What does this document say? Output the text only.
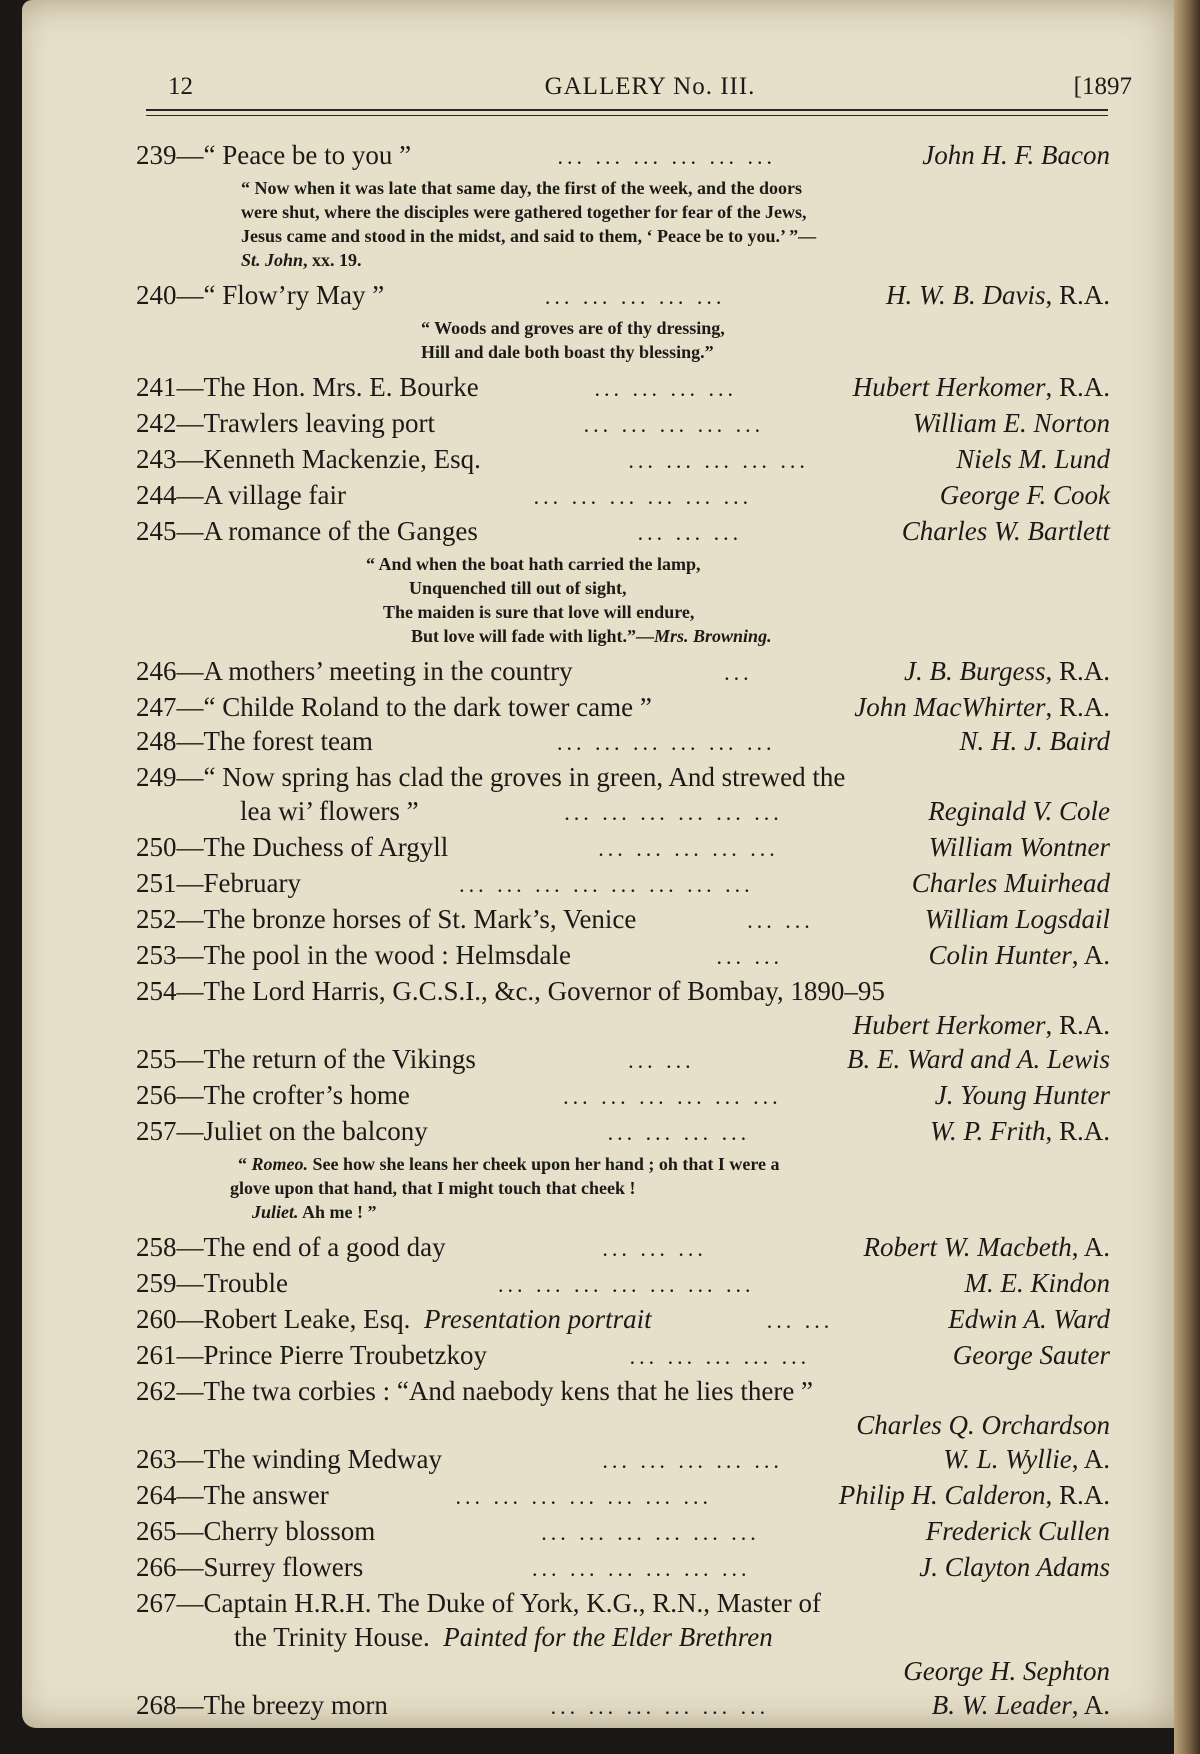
12	GALLERY No. III.	[1897
239—“ Peace be to you ”	... ... ... ... ... ...	John H. F. Bacon
“ Now when it was late that same day, the first of the week, and the doors
were shut, where the disciples were gathered together for fear of the Jews,
Jesus came and stood in the midst, and said to them, ‘ Peace be to you.’ ”—
St. John, xx. 19.
240—“ Flow’ry May ”	... ... ... ... ...	H. W. B. Davis, R.A.
“ Woods and groves are of thy dressing,
Hill and dale both boast thy blessing.”
241—The Hon. Mrs. E. Bourke	... ... ... ...	Hubert Herkomer, R.A.
242—Trawlers leaving port	... ... ... ... ...	William E. Norton
243—Kenneth Mackenzie, Esq.	... ... ... ... ...	Niels M. Lund
244—A village fair	... ... ... ... ... ...	George F. Cook
245—A romance of the Ganges	... ... ...	Charles W. Bartlett
“ And when the boat hath carried the lamp,
Unquenched till out of sight,
The maiden is sure that love will endure,
But love will fade with light.”—Mrs. Browning.
246—A mothers’ meeting in the country	...	J. B. Burgess, R.A.
247—“ Childe Roland to the dark tower came ”	John MacWhirter, R.A.
248—The forest team	... ... ... ... ... ...	N. H. J. Baird
249—“ Now spring has clad the groves in green, And strewed the
lea wi’ flowers ”	... ... ... ... ... ...	Reginald V. Cole
250—The Duchess of Argyll	... ... ... ... ...	William Wontner
251—February	... ... ... ... ... ... ... ...	Charles Muirhead
252—The bronze horses of St. Mark’s, Venice	... ...	William Logsdail
253—The pool in the wood : Helmsdale	... ...	Colin Hunter, A.
254—The Lord Harris, G.C.S.I., &c., Governor of Bombay, 1890–95
Hubert Herkomer, R.A.
255—The return of the Vikings	... ...	B. E. Ward and A. Lewis
256—The crofter’s home	... ... ... ... ... ...	J. Young Hunter
257—Juliet on the balcony	... ... ... ...	W. P. Frith, R.A.
“ Romeo. See how she leans her cheek upon her hand ; oh that I were a
glove upon that hand, that I might touch that cheek !
Juliet. Ah me ! ”
258—The end of a good day	... ... ...	Robert W. Macbeth, A.
259—Trouble	... ... ... ... ... ... ...	M. E. Kindon
260—Robert Leake, Esq. Presentation portrait	... ...	Edwin A. Ward
261—Prince Pierre Troubetzkoy	... ... ... ... ...	George Sauter
262—The twa corbies : “And naebody kens that he lies there ”
Charles Q. Orchardson
263—The winding Medway	... ... ... ... ...	W. L. Wyllie, A.
264—The answer	... ... ... ... ... ... ...	Philip H. Calderon, R.A.
265—Cherry blossom	... ... ... ... ... ...	Frederick Cullen
266—Surrey flowers	... ... ... ... ... ...	J. Clayton Adams
267—Captain H.R.H. The Duke of York, K.G., R.N., Master of
the Trinity House. Painted for the Elder Brethren
George H. Sephton
268—The breezy morn	... ... ... ... ... ...	B. W. Leader, A.
